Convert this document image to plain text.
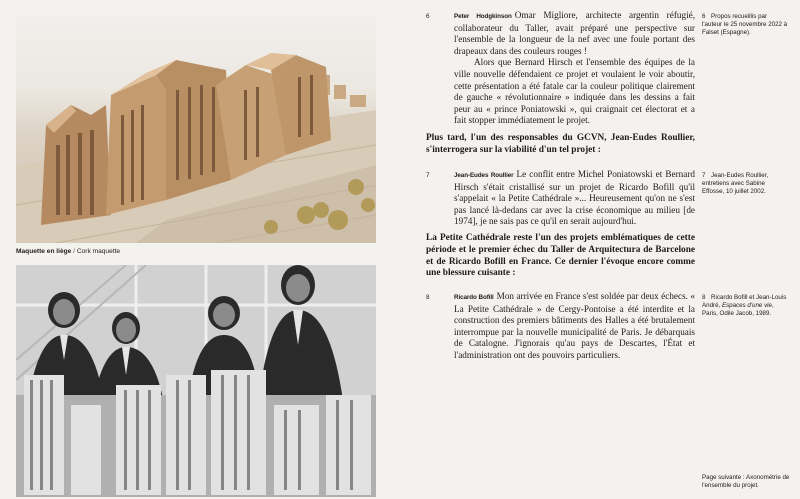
Maquette en liège / Cork maquette
6	Peter Hodgkinson Omar Migliore, architecte argentin réfugié, collaborateur du Taller, avait préparé une perspective sur l'ensemble de la longueur de la nef avec une foule portant des drapeaux dans des couleurs rouges !

Alors que Bernard Hirsch et l'ensemble des équipes de la ville nouvelle défendaient ce projet et voulaient le voir aboutir, cette présentation a été fatale car la couleur politique clairement de gauche « révolutionnaire » indiquée dans les dessins a fait peur au « prince Poniatowski », qui craignait cet électorat et a fait stopper immédiatement le projet.

Plus tard, l'un des responsables du GCVN, Jean-Eudes Roullier, s'interrogera sur la viabilité d'un tel projet :

7	Jean-Eudes Roullier Le conflit entre Michel Poniatowski et Bernard Hirsch s'était cristallisé sur un projet de Ricardo Bofill qu'il s'appelait « la Petite Cathédrale »... Heureusement qu'on ne s'est pas lancé là-dedans car avec la crise économique au milieu [de 1974], je ne sais pas ce qu'il en serait aujourd'hui.

La Petite Cathédrale reste l'un des projets emblématiques de cette période et le premier échec du Taller de Arquitectura de Barcelone et de Ricardo Bofill en France. Ce dernier l'évoque encore comme une blessure cuisante :

8	Ricardo Bofill Mon arrivée en France s'est soldée par deux échecs. « La Petite Cathédrale » de Cergy-Pontoise a été interdite et la construction des premiers bâtiments des Halles a été brutalement interrompue par la nouvelle municipalité de Paris. Je débarquais de Catalogne. J'ignorais qu'au pays de Descartes, l'État et l'administration ont des pouvoirs particuliers.

6 Propos recueillis par l'auteur le 25 novembre 2022 à Falset (Espagne).
7 Jean-Eudes Roullier, entretiens avec Sabine Effosse, 10 juillet 2002.
8 Ricardo Bofill et Jean-Louis André, Espaces d'une vie, Paris, Odile Jacob, 1989.
Page suivante : Axonométrie de l'ensemble du projet.
